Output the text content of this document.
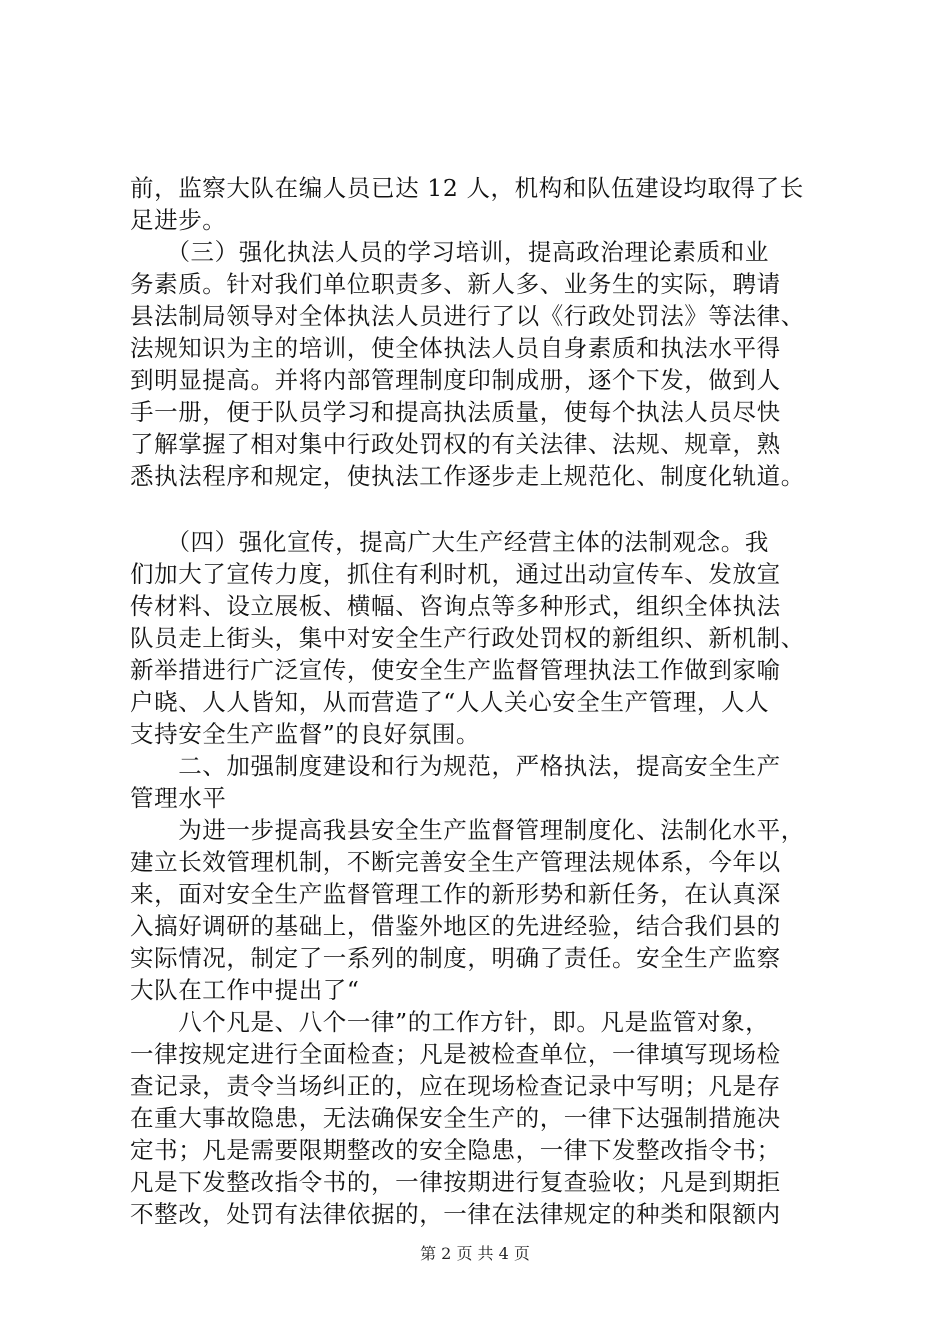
前，监察大队在编人员已达 12 人，机构和队伍建设均取得了长
足进步。
　　（三）强化执法人员的学习培训，提高政治理论素质和业
务素质。针对我们单位职责多、新人多、业务生的实际，聘请
县法制局领导对全体执法人员进行了以《行政处罚法》等法律、
法规知识为主的培训，使全体执法人员自身素质和执法水平得
到明显提高。并将内部管理制度印制成册，逐个下发，做到人
手一册，便于队员学习和提高执法质量，使每个执法人员尽快
了解掌握了相对集中行政处罚权的有关法律、法规、规章，熟
悉执法程序和规定，使执法工作逐步走上规范化、制度化轨道。
　　（四）强化宣传，提高广大生产经营主体的法制观念。我
们加大了宣传力度，抓住有利时机，通过出动宣传车、发放宣
传材料、设立展板、横幅、咨询点等多种形式，组织全体执法
队员走上街头，集中对安全生产行政处罚权的新组织、新机制、
新举措进行广泛宣传，使安全生产监督管理执法工作做到家喻
户晓、人人皆知，从而营造了“人人关心安全生产管理，人人
支持安全生产监督”的良好氛围。
　　二、加强制度建设和行为规范，严格执法，提高安全生产
管理水平
　　为进一步提高我县安全生产监督管理制度化、法制化水平，
建立长效管理机制，不断完善安全生产管理法规体系，今年以
来，面对安全生产监督管理工作的新形势和新任务，在认真深
入搞好调研的基础上，借鉴外地区的先进经验，结合我们县的
实际情况，制定了一系列的制度，明确了责任。安全生产监察
大队在工作中提出了“
　　八个凡是、八个一律”的工作方针，即。凡是监管对象，
一律按规定进行全面检查；凡是被检查单位，一律填写现场检
查记录，责令当场纠正的，应在现场检查记录中写明；凡是存
在重大事故隐患，无法确保安全生产的，一律下达强制措施决
定书；凡是需要限期整改的安全隐患，一律下发整改指令书；
凡是下发整改指令书的，一律按期进行复查验收；凡是到期拒
不整改，处罚有法律依据的，一律在法律规定的种类和限额内
第 2 页 共 4 页
